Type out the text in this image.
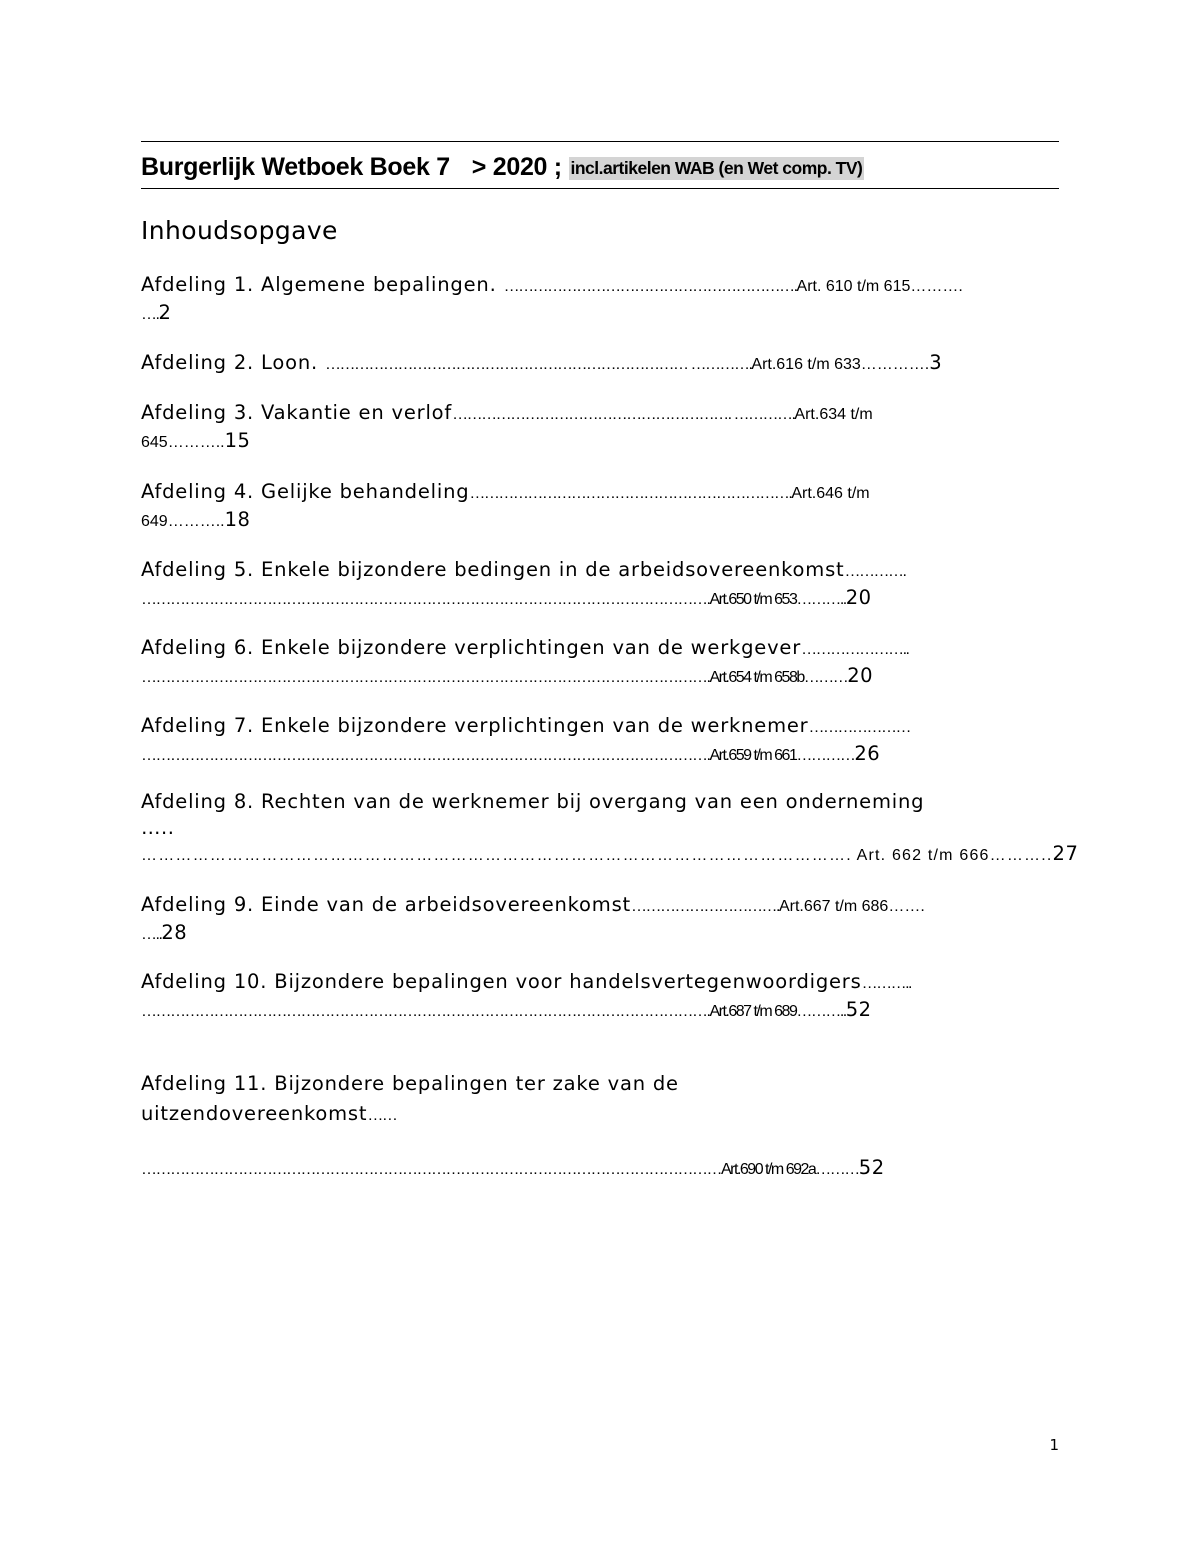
Burgerlijk Wetboek Boek 7 > 2020 ; incl.artikelen WAB (en Wet comp. TV)
Inhoudsopgave
Afdeling 1. Algemene bepalingen. …………………………………………………….Art. 610 t/m 615……….
….2
Afdeling 2. Loon. ………………………………………………………………… ………….Art.616 t/m 633………….3
Afdeling 3. Vakantie en verlof…………………………………………………. ………….Art.634 t/m
645………..15
Afdeling 4. Gelijke behandeling………………………………………………………….Art.646 t/m
649………..18
Afdeling 5. Enkele bijzondere bedingen in de arbeidsovereenkomst………….
……………………………………………………………………………………………………….Art.650 t/m 653………..20
Afdeling 6. Enkele bijzondere verplichtingen van de werkgever…………………..
……………………………………………………………………………………………………….Art.654 t/m 658b………20
Afdeling 7. Enkele bijzondere verplichtingen van de werknemer…………………
……………………………………………………………………………………………………….Art.659 t/m 661…………26
Afdeling 8. Rechten van de werknemer bij overgang van een onderneming
…..
……………………………………………………………………………………………………………. Art. 662 t/m 666………..27
Afdeling 9. Einde van de arbeidsovereenkomst………………………….Art.667 t/m 686…….
…..28
Afdeling 10. Bijzondere bepalingen voor handelsvertegenwoordigers………..
……………………………………………………………………………………………………….Art.687 t/m 689………..52
Afdeling 11. Bijzondere bepalingen ter zake van de
uitzendovereenkomst……
…………………………………………………………………………………………………………Art.690 t/m 692a………52
1
